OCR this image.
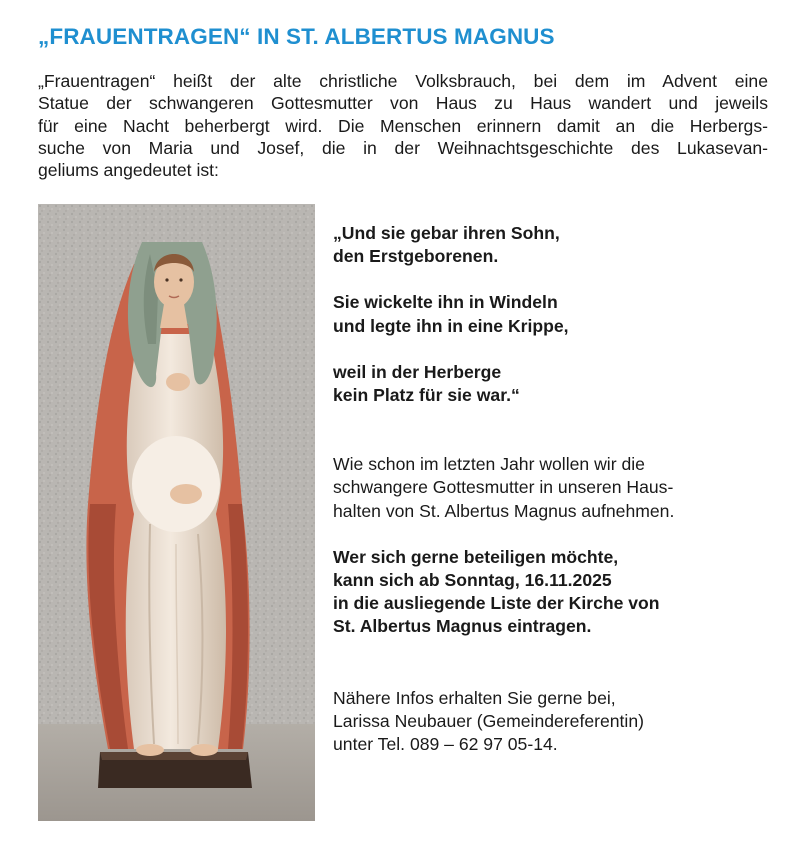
„FRAUENTRAGEN“ IN ST. ALBERTUS MAGNUS
„Frauentragen“ heißt der alte christliche Volksbrauch, bei dem im Advent eine
Statue der schwangeren Gottesmutter von Haus zu Haus wandert und jeweils
für eine Nacht beherbergt wird. Die Menschen erinnern damit an die Herbergs-
suche von Maria und Josef, die in der Weihnachtsgeschichte des Lukasevan-
geliums angedeutet ist:
„Und sie gebar ihren Sohn,
den Erstgeborenen.
Sie wickelte ihn in Windeln
und legte ihn in eine Krippe,
weil in der Herberge
kein Platz für sie war.“
Wie schon im letzten Jahr wollen wir die
schwangere Gottesmutter in unseren Haus-
halten von St. Albertus Magnus aufnehmen.
Wer sich gerne beteiligen möchte,
kann sich ab Sonntag, 16.11.2025
in die ausliegende Liste der Kirche von
St. Albertus Magnus eintragen.
Nähere Infos erhalten Sie gerne bei,
Larissa Neubauer (Gemeindereferentin)
unter Tel. 089 – 62 97 05-14.
